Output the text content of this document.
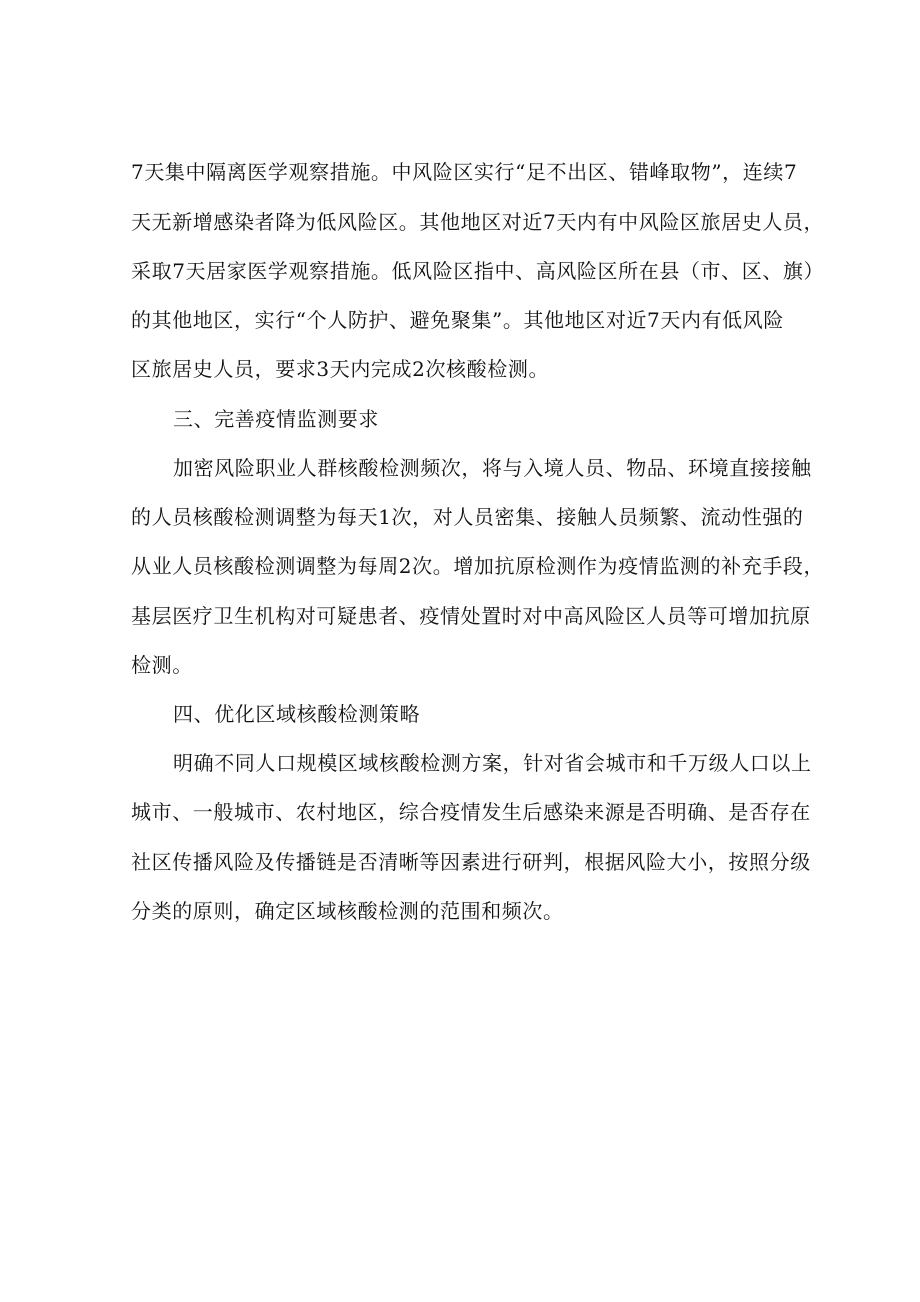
7天集中隔离医学观察措施。中风险区实行“足不出区、错峰取物”，连续7
天无新增感染者降为低风险区。其他地区对近7天内有中风险区旅居史人员，
采取7天居家医学观察措施。低风险区指中、高风险区所在县（市、区、旗）
的其他地区，实行“个人防护、避免聚集”。其他地区对近7天内有低风险
区旅居史人员，要求3天内完成2次核酸检测。
三、完善疫情监测要求
加密风险职业人群核酸检测频次，将与入境人员、物品、环境直接接触
的人员核酸检测调整为每天1次，对人员密集、接触人员频繁、流动性强的
从业人员核酸检测调整为每周2次。增加抗原检测作为疫情监测的补充手段，
基层医疗卫生机构对可疑患者、疫情处置时对中高风险区人员等可增加抗原
检测。
四、优化区域核酸检测策略
明确不同人口规模区域核酸检测方案，针对省会城市和千万级人口以上
城市、一般城市、农村地区，综合疫情发生后感染来源是否明确、是否存在
社区传播风险及传播链是否清晰等因素进行研判，根据风险大小，按照分级
分类的原则，确定区域核酸检测的范围和频次。
